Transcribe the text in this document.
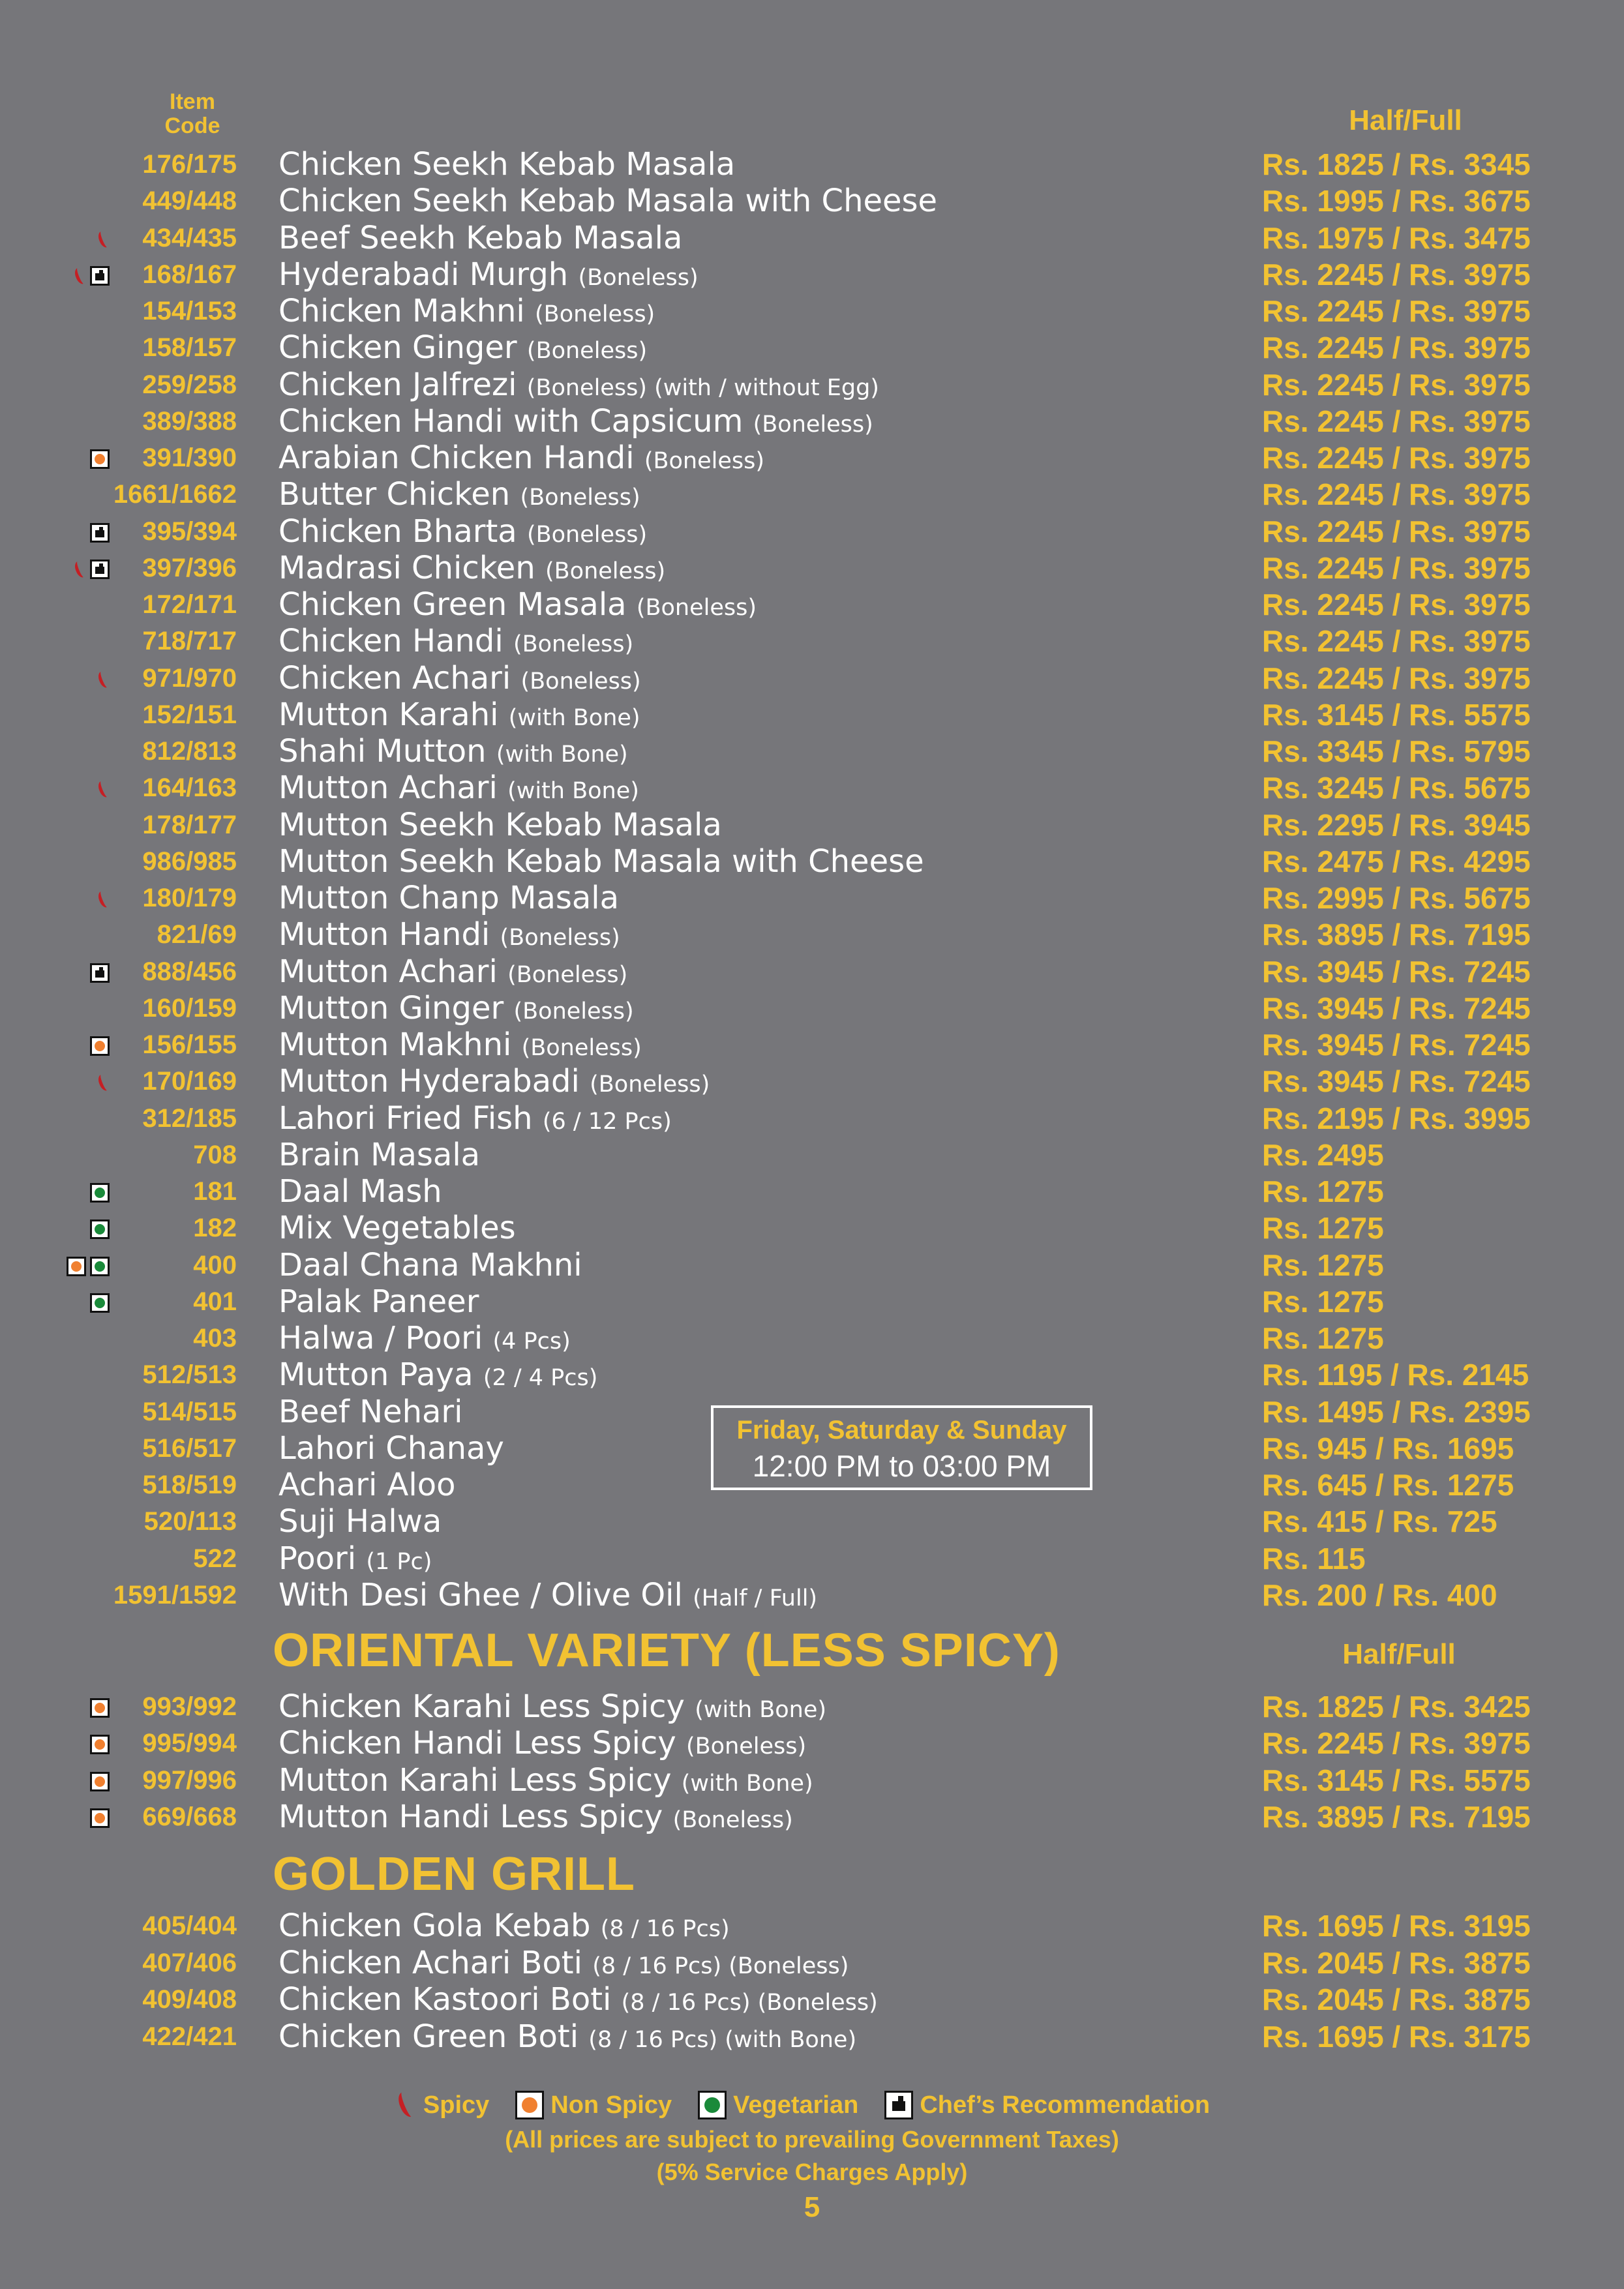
Item
Code	Half/Full
176/175 Chicken Seekh Kebab Masala	Rs. 1825 / Rs. 3345
449/448 Chicken Seekh Kebab Masala with Cheese	Rs. 1995 / Rs. 3675
434/435 Beef Seekh Kebab Masala	Rs. 1975 / Rs. 3475
168/167 Hyderabadi Murgh (Boneless)	Rs. 2245 / Rs. 3975
154/153 Chicken Makhni (Boneless)	Rs. 2245 / Rs. 3975
158/157 Chicken Ginger (Boneless)	Rs. 2245 / Rs. 3975
259/258 Chicken Jalfrezi (Boneless) (with / without Egg)	Rs. 2245 / Rs. 3975
389/388 Chicken Handi with Capsicum (Boneless)	Rs. 2245 / Rs. 3975
391/390 Arabian Chicken Handi (Boneless)	Rs. 2245 / Rs. 3975
1661/1662 Butter Chicken (Boneless)	Rs. 2245 / Rs. 3975
395/394 Chicken Bharta (Boneless)	Rs. 2245 / Rs. 3975
397/396 Madrasi Chicken (Boneless)	Rs. 2245 / Rs. 3975
172/171 Chicken Green Masala (Boneless)	Rs. 2245 / Rs. 3975
718/717 Chicken Handi (Boneless)	Rs. 2245 / Rs. 3975
971/970 Chicken Achari (Boneless)	Rs. 2245 / Rs. 3975
152/151 Mutton Karahi (with Bone)	Rs. 3145 / Rs. 5575
812/813 Shahi Mutton (with Bone)	Rs. 3345 / Rs. 5795
164/163 Mutton Achari (with Bone)	Rs. 3245 / Rs. 5675
178/177 Mutton Seekh Kebab Masala	Rs. 2295 / Rs. 3945
986/985 Mutton Seekh Kebab Masala with Cheese	Rs. 2475 / Rs. 4295
180/179 Mutton Chanp Masala	Rs. 2995 / Rs. 5675
821/69 Mutton Handi (Boneless)	Rs. 3895 / Rs. 7195
888/456 Mutton Achari (Boneless)	Rs. 3945 / Rs. 7245
160/159 Mutton Ginger (Boneless)	Rs. 3945 / Rs. 7245
156/155 Mutton Makhni (Boneless)	Rs. 3945 / Rs. 7245
170/169 Mutton Hyderabadi (Boneless)	Rs. 3945 / Rs. 7245
312/185 Lahori Fried Fish (6 / 12 Pcs)	Rs. 2195 / Rs. 3995
708 Brain Masala	Rs. 2495
181 Daal Mash	Rs. 1275
182 Mix Vegetables	Rs. 1275
400 Daal Chana Makhni	Rs. 1275
401 Palak Paneer	Rs. 1275
403 Halwa / Poori (4 Pcs)	Rs. 1275
512/513 Mutton Paya (2 / 4 Pcs)	Rs. 1195 / Rs. 2145
514/515 Beef Nehari	Rs. 1495 / Rs. 2395
516/517 Lahori Chanay	Rs. 945 / Rs. 1695
518/519 Achari Aloo	Rs. 645 / Rs. 1275
520/113 Suji Halwa	Rs. 415 / Rs. 725
522 Poori (1 Pc)	Rs. 115
1591/1592 With Desi Ghee / Olive Oil (Half / Full)	Rs. 200 / Rs. 400
Friday, Saturday & Sunday
12:00 PM to 03:00 PM
ORIENTAL VARIETY (LESS SPICY)	Half/Full
993/992 Chicken Karahi Less Spicy (with Bone)	Rs. 1825 / Rs. 3425
995/994 Chicken Handi Less Spicy (Boneless)	Rs. 2245 / Rs. 3975
997/996 Mutton Karahi Less Spicy (with Bone)	Rs. 3145 / Rs. 5575
669/668 Mutton Handi Less Spicy (Boneless)	Rs. 3895 / Rs. 7195
GOLDEN GRILL
405/404 Chicken Gola Kebab (8 / 16 Pcs)	Rs. 1695 / Rs. 3195
407/406 Chicken Achari Boti (8 / 16 Pcs) (Boneless)	Rs. 2045 / Rs. 3875
409/408 Chicken Kastoori Boti (8 / 16 Pcs) (Boneless)	Rs. 2045 / Rs. 3875
422/421 Chicken Green Boti (8 / 16 Pcs) (with Bone)	Rs. 1695 / Rs. 3175
Spicy Non Spicy Vegetarian Chef’s Recommendation
(All prices are subject to prevailing Government Taxes)
(5% Service Charges Apply)
5
